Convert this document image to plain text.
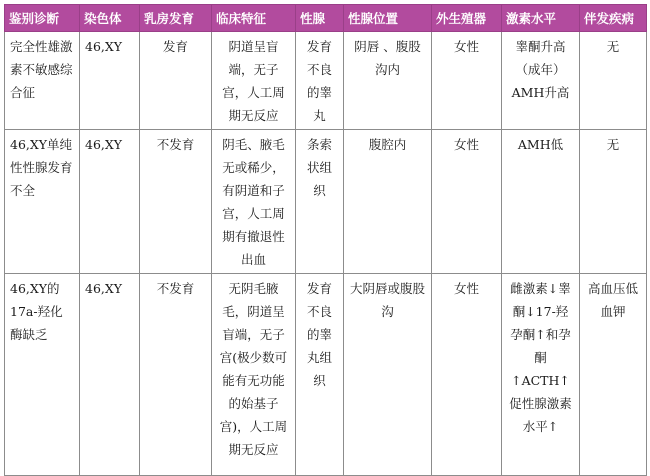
鉴别诊断	染色体	乳房发育	临床特征	性腺	性腺位置	外生殖器	激素水平	伴发疾病
完全性雄激素不敏感综合征	46,XY	发育	阴道呈盲端，无子宫，人工周期无反应	发育不良的睾丸	阴唇 、腹股沟内	女性	睾酮升高（成年）AMH升高	无
46,XY单纯性性腺发育不全	46,XY	不发育	阴毛、腋毛无或稀少，有阴道和子宫，人工周期有撤退性出血	条索状组织	腹腔内	女性	AMH低	无
46,XY的17a-羟化酶缺乏	46,XY	不发育	无阴毛腋毛，阴道呈盲端，无子宫(极少数可能有无功能的始基子宫)，人工周期无反应	发育不良的睾丸组织	大阴唇或腹股沟	女性	雌激素↓睾酮↓17-羟孕酮↑和孕酮↑ACTH↑促性腺激素水平↑	高血压低血钾
